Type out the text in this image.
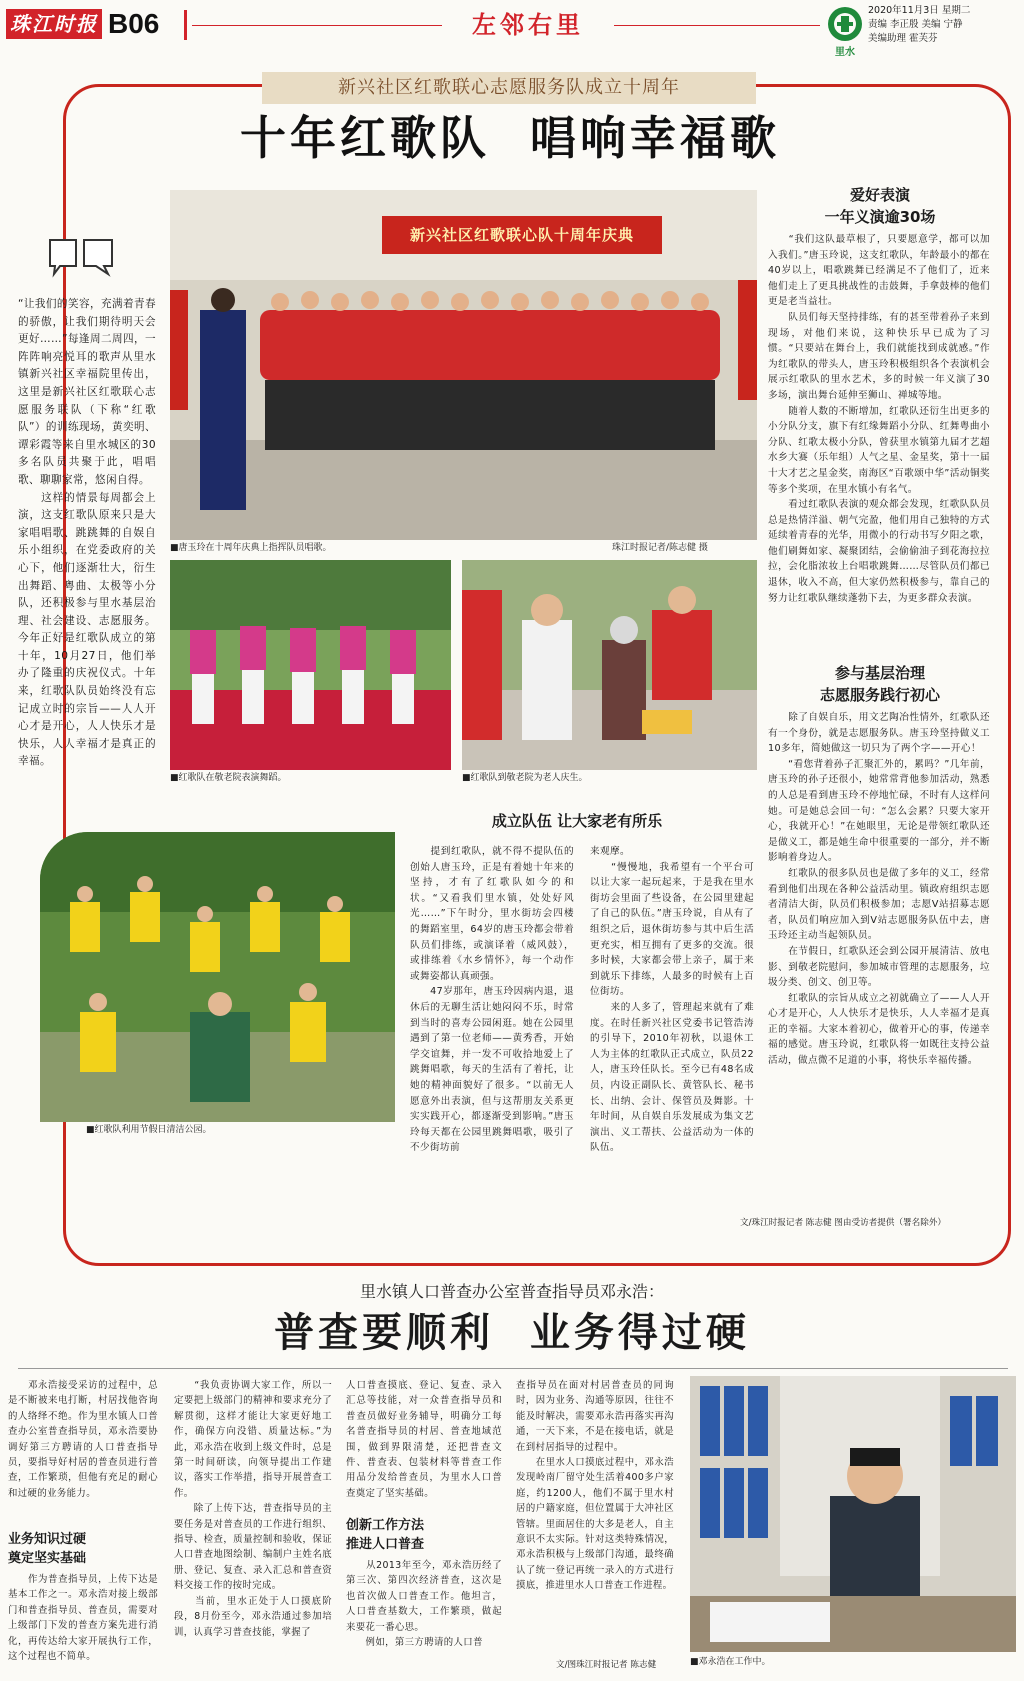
珠江时报 B06	左邻右里
里水
2020年11月3日 星期二
责编 李正殷 美编 宁静
美编助理 霍芙芬
新兴社区红歌联心志愿服务队成立十周年
十年红歌队  唱响幸福歌
“让我们的笑容，充满着青春的骄傲，让我们期待明天会更好……”每逢周二周四，一阵阵响亮悦耳的歌声从里水镇新兴社区幸福院里传出，这里是新兴社区红歌联心志愿服务联队（下称“红歌队”）的训练现场，黄奕明、谭彩霞等来自里水城区的30多名队员共聚于此，唱唱歌、聊聊家常，悠闲自得。
　　这样的情景每周都会上演，这支红歌队原来只是大家唱唱歌、跳跳舞的自娱自乐小组织，在党委政府的关心下，他们逐渐壮大，衍生出舞蹈、粤曲、太极等小分队，还积极参与里水基层治理、社会建设、志愿服务。今年正好是红歌队成立的第十年，10月27日，他们举办了隆重的庆祝仪式。十年来，红歌队队员始终没有忘记成立时的宗旨——人人开心才是开心，人人快乐才是快乐，人人幸福才是真正的幸福。
新兴社区红歌联心队十周年庆典
■唐玉玲在十周年庆典上指挥队员唱歌。	珠江时报记者/陈志健 摄
■红歌队在敬老院表演舞蹈。	■红歌队到敬老院为老人庆生。
爱好表演
一年义演逾30场
　　“我们这队最草根了，只要愿意学，都可以加入我们。”唐玉玲说，这支红歌队，年龄最小的都在40岁以上，唱歌跳舞已经满足不了他们了，近来他们走上了更具挑战性的击鼓舞，手拿鼓棒的他们更是老当益壮。
　　队员们每天坚持排练，有的甚至带着孙子来到现场，对他们来说，这种快乐早已成为了习惯。“只要站在舞台上，我们就能找到成就感。”作为红歌队的带头人，唐玉玲积极组织各个表演机会展示红歌队的里水艺术，多的时候一年义演了30多场，演出舞台延伸至狮山、禅城等地。
　　随着人数的不断增加，红歌队还衍生出更多的小分队分支，旗下有红缘舞蹈小分队、红舞粤曲小分队、红歌太极小分队，曾获里水镇第九届才艺超水乡大赛（乐年组）人气之星、金星奖，第十一届十大才艺之星金奖，南海区“百歌颂中华”活动铜奖等多个奖项，在里水镇小有名气。
　　看过红歌队表演的观众都会发现，红歌队队员总是热情洋溢、朝气完盈，他们用自己独特的方式延续着青春的光华，用微小的行动书写夕阳之歌，他们刷舞如家、凝聚团结，会偷偷油子到花海拉拉拉，会化脂浓妆上台唱歌跳舞……尽管队员们都已退休，收入不高，但大家仍然积极参与，靠自己的努力让红歌队继续蓬勃下去，为更多群众表演。
参与基层治理
志愿服务践行初心
　　除了自娱自乐，用文艺陶冶性情外，红歌队还有一个身份，就是志愿服务队。唐玉玲坚持做义工10多年，简她做这一切只为了两个字——开心！
　　“看您背着孙子汇聚汇外的，累吗？”几年前，唐玉玲的孙子还很小，她常常背他参加活动，熟悉的人总是看到唐玉玲不停地忙碌，不时有人这样问她。可是她总会回一句：“怎么会累？只要大家开心，我就开心！”在她眼里，无论是带领红歌队还是做义工，都是她生命中很重要的一部分，并不断影响着身边人。
　　红歌队的很多队员也是做了多年的义工，经常看到他们出现在各种公益活动里。镇政府组织志愿者清洁大街，队员们积极参加；志愿V站招募志愿者，队员们响应加入到V站志愿服务队伍中去，唐玉玲还主动当起领队员。
　　在节假日，红歌队还会到公园开展清洁、放电影、到敬老院慰问，参加城市管理的志愿服务，垃圾分类、创文、创卫等。
　　红歌队的宗旨从成立之初就确立了——人人开心才是开心，人人快乐才是快乐，人人幸福才是真正的幸福。大家本着初心，做着开心的事，传递幸福的感觉。唐玉玲说，红歌队将一如既往支持公益活动，做点微不足道的小事，将快乐幸福传播。
文/珠江时报记者 陈志健 图由受访者提供（署名除外）
■红歌队利用节假日清洁公园。
成立队伍 让大家老有所乐
　　提到红歌队，就不得不提队伍的创始人唐玉玲，正是有着她十年来的坚持，才有了红歌队如今的和状。“又看我们里水镇，处处好风光……”下午时分，里水街坊会四楼的舞蹈室里，64岁的唐玉玲都会带着队员们排练，或演译着（威风鼓），或排练着《水乡情怀》，每一个动作或舞姿都认真顽强。
　　47岁那年，唐玉玲因病内退，退休后的无聊生活让她闷闷不乐，时常到当时的喜寿公园闲逛。她在公园里遇到了第一位老师——黄秀香，开始学交谊舞，并一发不可收拾地爱上了跳舞唱歌，每天的生活有了着托，让她的精神面貌好了很多。“以前无人愿意外出表演，但与这帮朋友关系更实实践开心，都逐渐受到影响。”唐玉玲每天都在公园里跳舞唱歌，吸引了不少街坊前
来观摩。
　　“慢慢地，我希望有一个平台可以让大家一起玩起来，于是我在里水街坊会里面了些设备，在公园里建起了自己的队伍。”唐玉玲说，自从有了组织之后，退休街坊参与其中后生活更充实，相互拥有了更多的交流。很多时候，大家都会带上亲子，属于来到就乐下排练，人最多的时候有上百位街坊。
　　来的人多了，管理起来就有了难度。在时任新兴社区党委书记管浩涛的引导下，2010年初秋，以退休工人为主体的红歌队正式成立，队员22人，唐玉玲任队长。至今已有48名成员，内设正副队长、黄管队长、秘书长、出纳、会计、保管员及舞影。十年时间，从自娱自乐发展成为集文艺演出、义工帮扶、公益活动为一体的队伍。
里水镇人口普查办公室普查指导员邓永浩：
普查要顺利  业务得过硬
　　邓永浩接受采访的过程中，总是不断被来电打断，村居找他咨询的人络绎不绝。作为里水镇人口普查办公室普查指导员，邓永浩要协调好第三方聘请的人口普查指导员，要指导好村居的普查员进行普查，工作繁琐，但他有充足的耐心和过硬的业务能力。
业务知识过硬
奠定坚实基础
　　作为普查指导员，上传下达是基本工作之一。邓永浩对接上级部门和普查指导员、普查员，需要对上级部门下发的普查方案先进行消化，再传达给大家开展执行工作，这个过程也不简单。
　　“我负责协调大家工作，所以一定要把上级部门的精神和要求充分了解贯彻，这样才能让大家更好地工作，确保方向没错、质量达标。”为此，邓永浩在收到上级文件时，总是第一时间研读，向领导提出工作建议，落实工作举措，指导开展普查工作。
　　除了上传下达，普查指导员的主要任务是对普查员的工作进行组织、指导、检查，质量控制和验收，保证人口普查地图绘制、编制户主姓名底册、登记、复查、录入汇总和普查资料交接工作的按时完成。
　　当前，里水正处于人口摸底阶段，8月份至今，邓永浩通过参加培训，认真学习普查技能，掌握了
人口普查摸底、登记、复查、录入汇总等技能，对一众普查指导员和普查员做好业务辅导，明确分工每名普查指导员的村居、普查地域范围，做到界限清楚，还把普查文件、普查表、包装材料等普查工作用品分发给普查员，为里水人口普查奠定了坚实基础。
创新工作方法
推进人口普查
　　从2013年至今，邓永浩历经了第三次、第四次经济普查，这次是也首次做人口普查工作。他坦言，人口普查基数大，工作繁琐，做起来要花一番心思。
　　例如，第三方聘请的人口普
查指导员在面对村居普查员的同询时，因为业务、沟通等原因，往往不能及时解决，需要邓永浩再落实再沟通，一天下来，不是在接电话，就是在到村居指导的过程中。
　　在里水人口摸底过程中，邓永浩发现岭南厂留守处生活着400多户家庭，约1200人，他们不属于里水村居的户籍家庭，但位置属于大冲社区管辖。里面居住的大多是老人，自主意识不太实际。针对这类特殊情况，邓永浩积极与上级部门沟通，最终确认了统一登记再统一录入的方式进行摸底，推进里水人口普查工作进程。
文/图珠江时报记者 陈志健	■邓永浩在工作中。
